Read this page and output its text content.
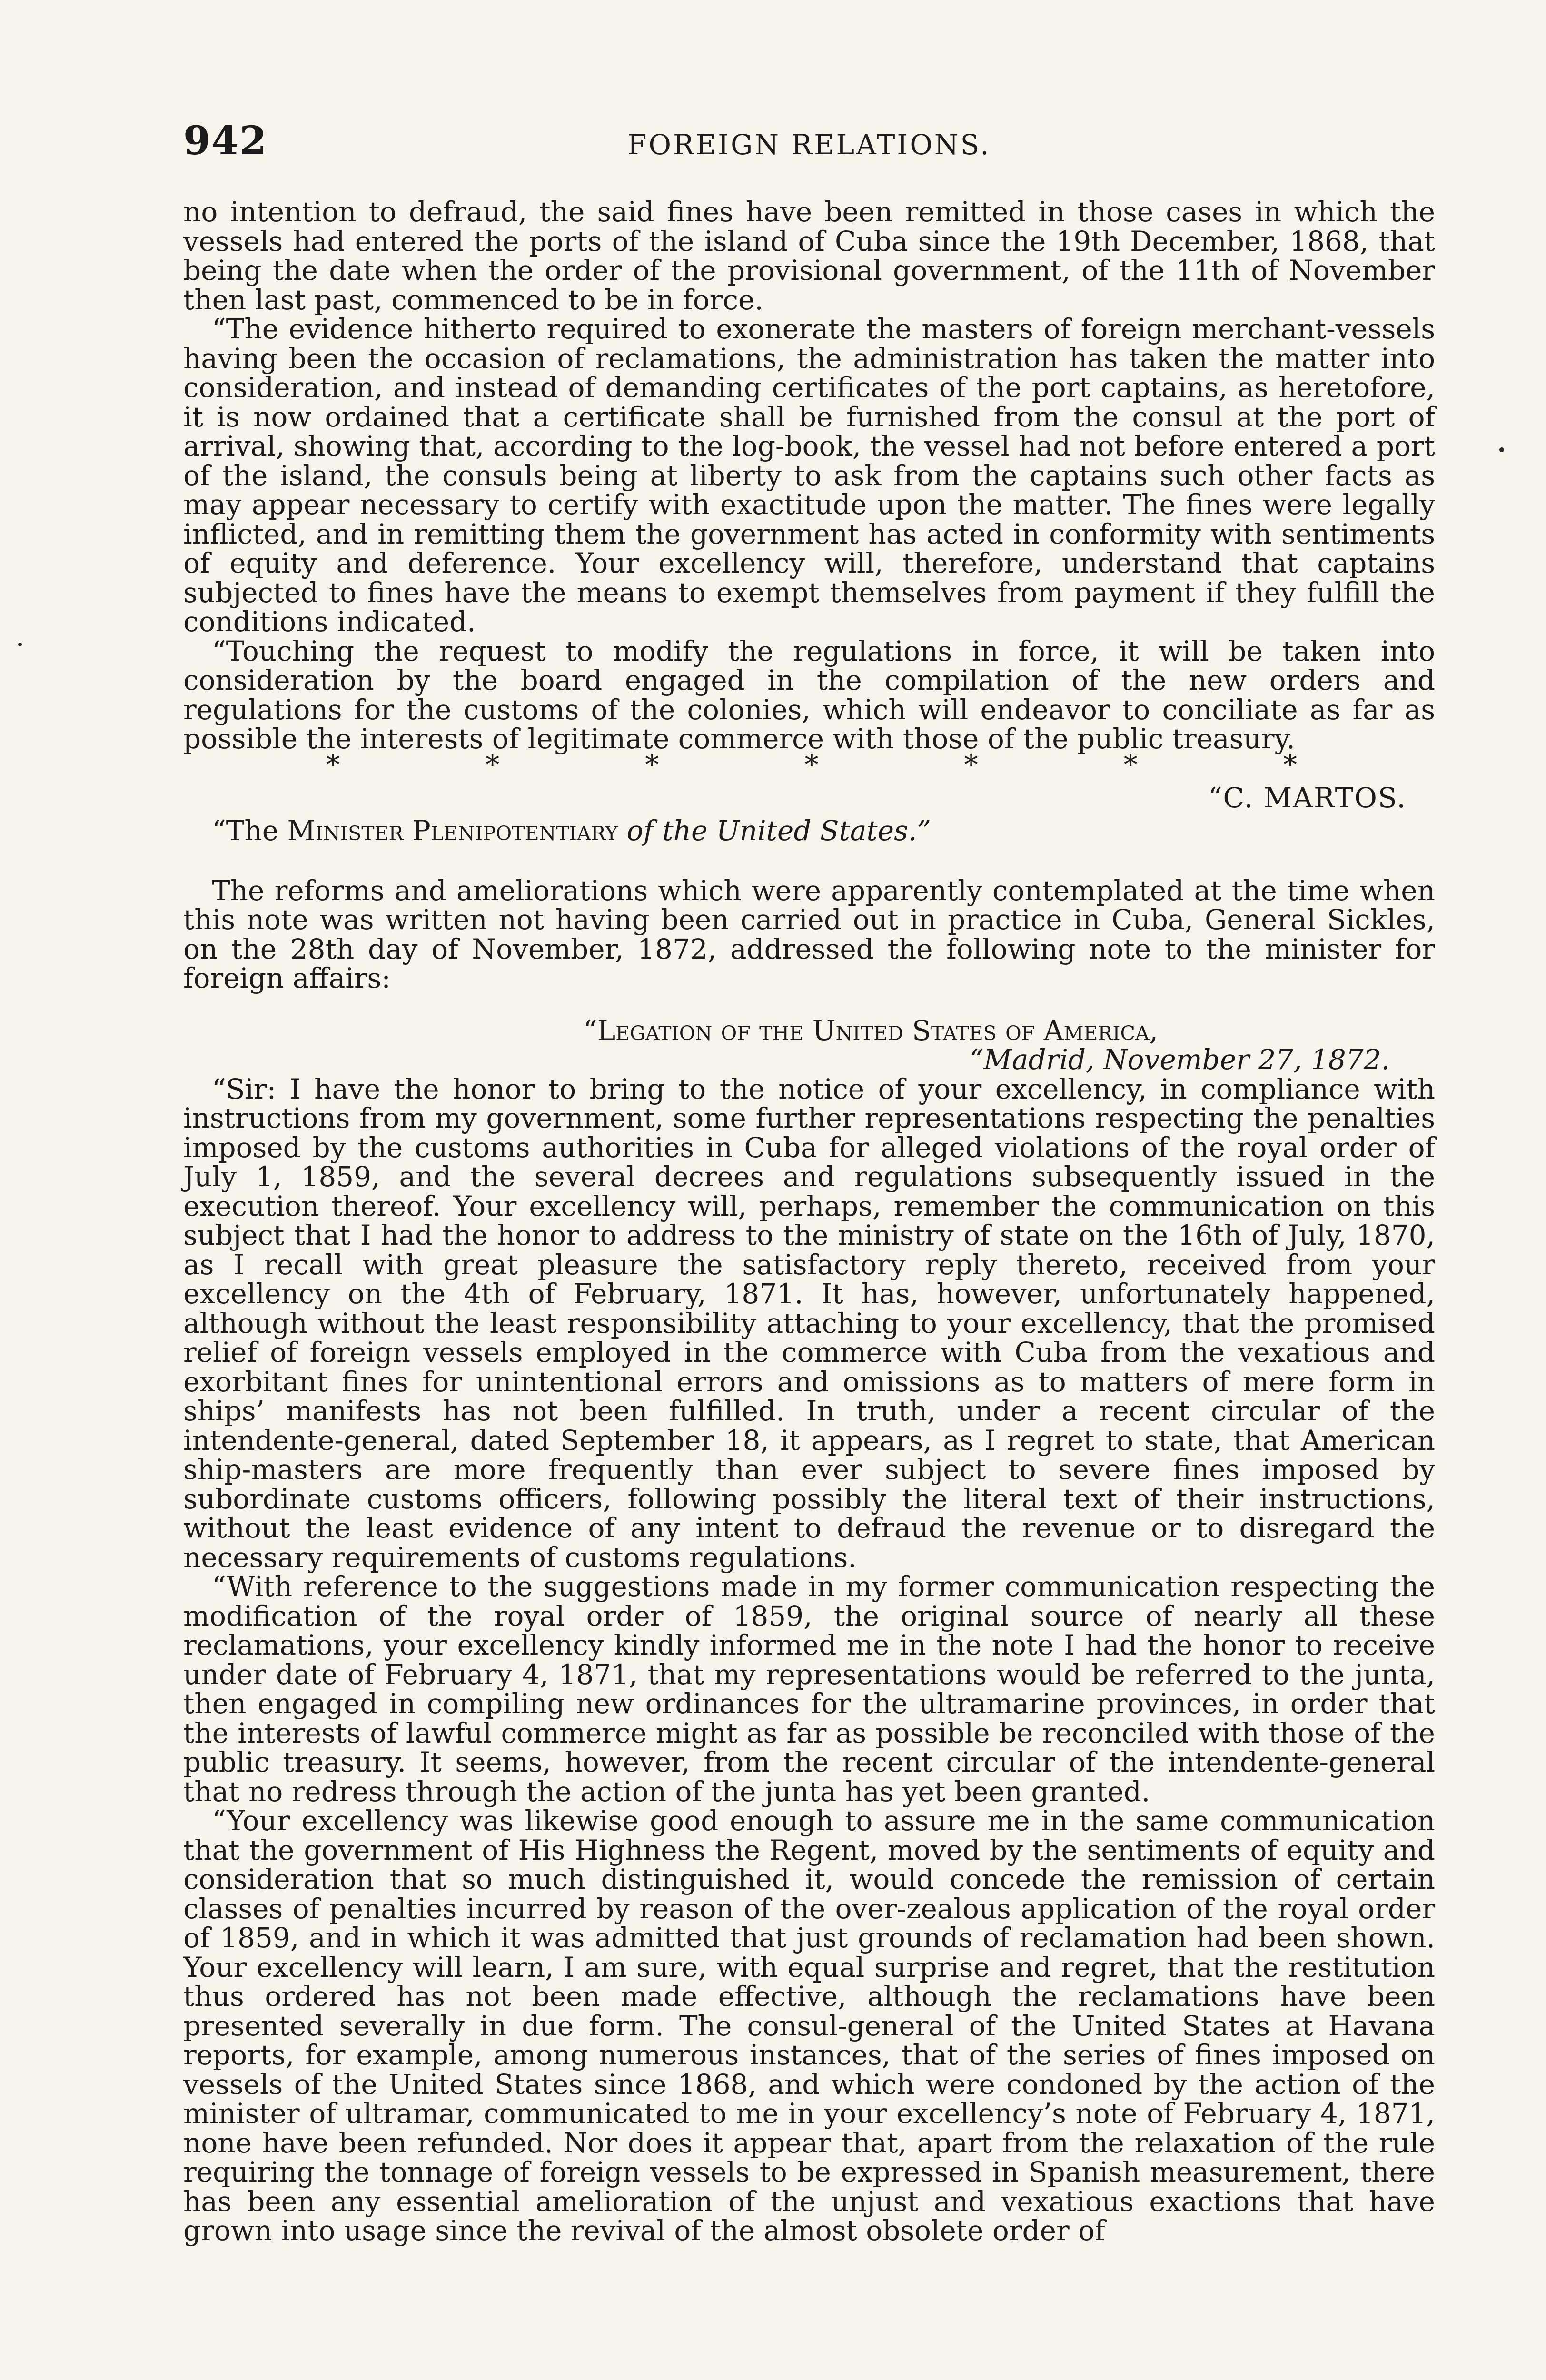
942	FOREIGN RELATIONS.

no intention to defraud, the said fines have been remitted in those cases in which the vessels had entered the ports of the island of Cuba since the 19th December, 1868, that being the date when the order of the provisional government, of the 11th of November then last past, commenced to be in force.

“The evidence hitherto required to exonerate the masters of foreign merchant-vessels having been the occasion of reclamations, the administration has taken the matter into consideration, and instead of demanding certificates of the port captains, as heretofore, it is now ordained that a certificate shall be furnished from the consul at the port of arrival, showing that, according to the log-book, the vessel had not before entered a port of the island, the consuls being at liberty to ask from the captains such other facts as may appear necessary to certify with exactitude upon the matter. The fines were legally inflicted, and in remitting them the government has acted in conformity with sentiments of equity and deference. Your excellency will, therefore, understand that captains subjected to fines have the means to exempt themselves from payment if they fulfill the conditions indicated.

“Touching the request to modify the regulations in force, it will be taken into consideration by the board engaged in the compilation of the new orders and regulations for the customs of the colonies, which will endeavor to conciliate as far as possible the interests of legitimate commerce with those of the public treasury.

*	*	*	*	*	*	*
“C. MARTOS.
“The Minister Plenipotentiary of the United States.”

The reforms and ameliorations which were apparently contemplated at the time when this note was written not having been carried out in practice in Cuba, General Sickles, on the 28th day of November, 1872, addressed the following note to the minister for foreign affairs:

“Legation of the United States of America,
“Madrid, November 27, 1872.

“Sir: I have the honor to bring to the notice of your excellency, in compliance with instructions from my government, some further representations respecting the penalties imposed by the customs authorities in Cuba for alleged violations of the royal order of July 1, 1859, and the several decrees and regulations subsequently issued in the execution thereof. Your excellency will, perhaps, remember the communication on this subject that I had the honor to address to the ministry of state on the 16th of July, 1870, as I recall with great pleasure the satisfactory reply thereto, received from your excellency on the 4th of February, 1871. It has, however, unfortunately happened, although without the least responsibility attaching to your excellency, that the promised relief of foreign vessels employed in the commerce with Cuba from the vexatious and exorbitant fines for unintentional errors and omissions as to matters of mere form in ships’ manifests has not been fulfilled. In truth, under a recent circular of the intendente-general, dated September 18, it appears, as I regret to state, that American ship-masters are more frequently than ever subject to severe fines imposed by subordinate customs officers, following possibly the literal text of their instructions, without the least evidence of any intent to defraud the revenue or to disregard the necessary requirements of customs regulations.

“With reference to the suggestions made in my former communication respecting the modification of the royal order of 1859, the original source of nearly all these reclamations, your excellency kindly informed me in the note I had the honor to receive under date of February 4, 1871, that my representations would be referred to the junta, then engaged in compiling new ordinances for the ultramarine provinces, in order that the interests of lawful commerce might as far as possible be reconciled with those of the public treasury. It seems, however, from the recent circular of the intendente-general that no redress through the action of the junta has yet been granted.

“Your excellency was likewise good enough to assure me in the same communication that the government of His Highness the Regent, moved by the sentiments of equity and consideration that so much distinguished it, would concede the remission of certain classes of penalties incurred by reason of the over-zealous application of the royal order of 1859, and in which it was admitted that just grounds of reclamation had been shown. Your excellency will learn, I am sure, with equal surprise and regret, that the restitution thus ordered has not been made effective, although the reclamations have been presented severally in due form. The consul-general of the United States at Havana reports, for example, among numerous instances, that of the series of fines imposed on vessels of the United States since 1868, and which were condoned by the action of the minister of ultramar, communicated to me in your excellency’s note of February 4, 1871, none have been refunded. Nor does it appear that, apart from the relaxation of the rule requiring the tonnage of foreign vessels to be expressed in Spanish measurement, there has been any essential amelioration of the unjust and vexatious exactions that have grown into usage since the revival of the almost obsolete order of
